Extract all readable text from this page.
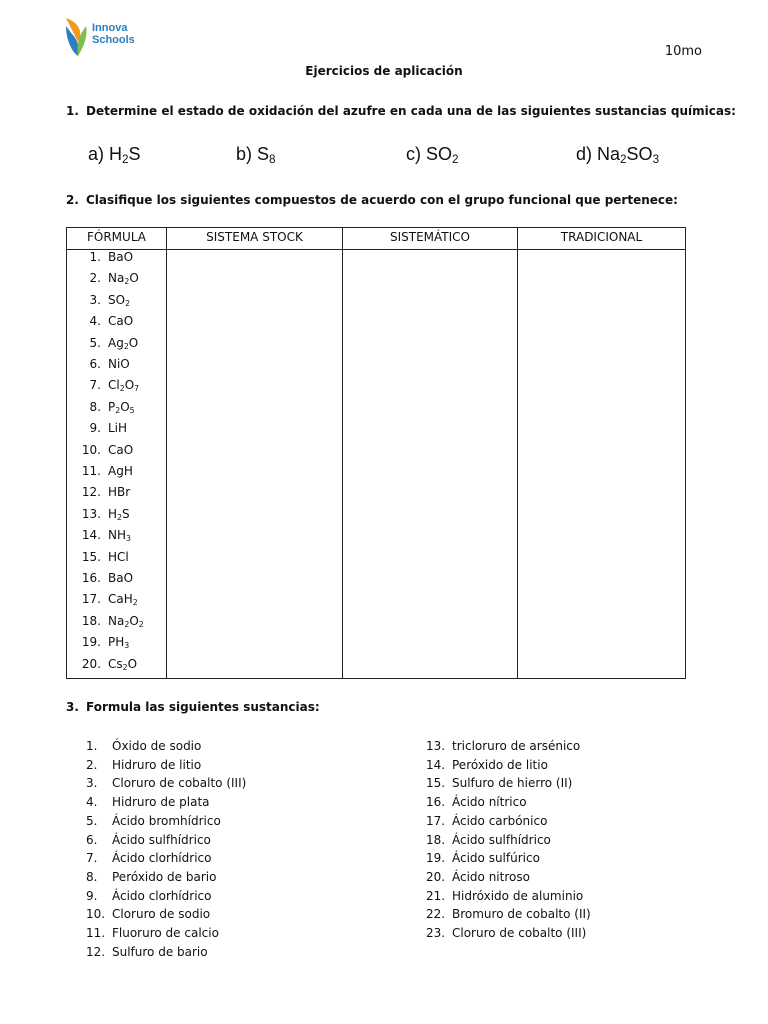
Innova
Schools
10mo
Ejercicios de aplicación
1. Determine el estado de oxidación del azufre en cada una de las siguientes sustancias químicas:
a) $H_2S$	b) $S_8$	c) $SO_2$	d) $Na_2SO_3$
2. Clasifique los siguientes compuestos de acuerdo con el grupo funcional que pertenece:
FÓRMULA	SISTEMA STOCK	SISTEMÁTICO	TRADICIONAL
1. BaO
2. $Na_2O$
3. $SO_2$
4. CaO
5. $Ag_2O$
6. NiO
7. $Cl_2O_7$
8. $P_2O_5$
9. LiH
10. CaO
11. AgH
12. HBr
13. $H_2S$
14. $NH_3$
15. HCl
16. BaO
17. CaH$_2$
18. $Na_2O_2$
19. $PH_3$
20. $Cs_2O$
3. Formula las siguientes sustancias:
1.	Óxido de sodio
2.	Hidruro de litio
3.	Cloruro de cobalto (III)
4.	Hidruro de plata
5.	Ácido bromhídrico
6.	Ácido sulfhídrico
7.	Ácido clorhídrico
8.	Peróxido de bario
9.	Ácido clorhídrico
10. Cloruro de sodio
11. Fluoruro de calcio
12. Sulfuro de bario
13. tricloruro de arsénico
14. Peróxido de litio
15. Sulfuro de hierro (II)
16. Ácido nítrico
17. Ácido carbónico
18. Ácido sulfhídrico
19. Ácido sulfúrico
20. Ácido nitroso
21. Hidróxido de aluminio
22. Bromuro de cobalto (II)
23. Cloruro de cobalto (III)
